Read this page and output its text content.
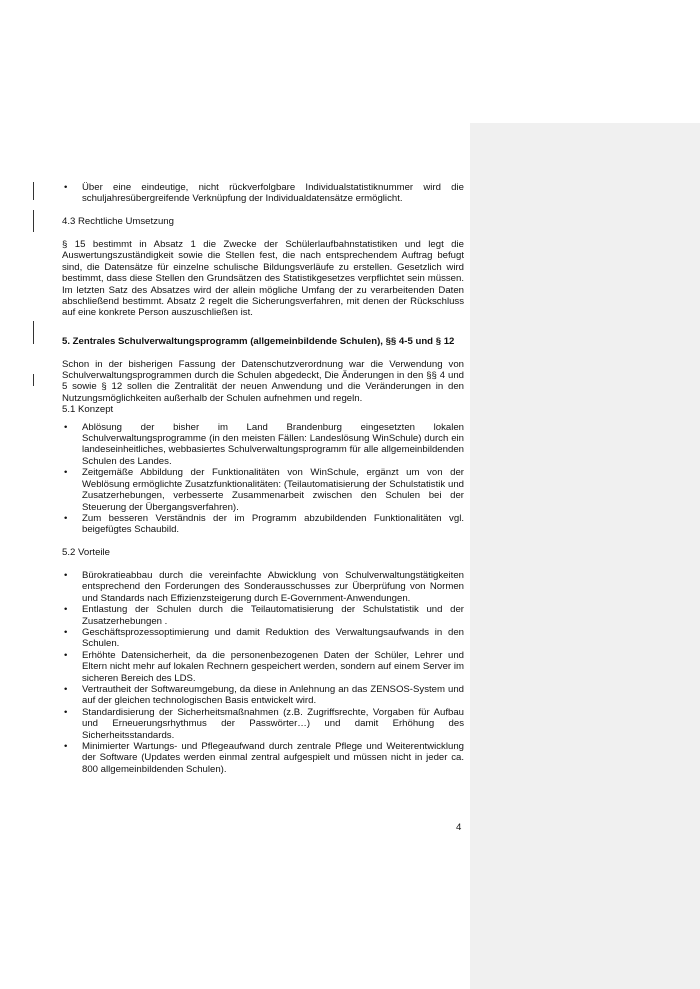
• Über eine eindeutige, nicht rückverfolgbare Individualstatistiknummer wird die schuljahresübergreifende Verknüpfung der Individualdatensätze ermöglicht.

4.3 Rechtliche Umsetzung

§ 15 bestimmt in Absatz 1 die Zwecke der Schülerlaufbahnstatistiken und legt die Auswertungszuständigkeit sowie die Stellen fest, die nach entsprechendem Auftrag befugt sind, die Datensätze für einzelne schulische Bildungsverläufe zu erstellen. Gesetzlich wird bestimmt, dass diese Stellen den Grundsätzen des Statistikgesetzes verpflichtet sein müssen. Im letzten Satz des Absatzes wird der allein mögliche Umfang der zu verarbeitenden Daten abschließend bestimmt. Absatz 2 regelt die Sicherungsverfahren, mit denen der Rückschluss auf eine konkrete Person auszuschließen ist.

5. Zentrales Schulverwaltungsprogramm (allgemeinbildende Schulen), §§ 4-5 und § 12

Schon in der bisherigen Fassung der Datenschutzverordnung war die Verwendung von Schulverwaltungsprogrammen durch die Schulen abgedeckt, Die Änderungen in den §§ 4 und 5 sowie § 12 sollen die Zentralität der neuen Anwendung und die Veränderungen in den Nutzungsmöglichkeiten außerhalb der Schulen aufnehmen und regeln.

5.1 Konzept

• Ablösung der bisher im Land Brandenburg eingesetzten lokalen Schulverwaltungsprogramme (in den meisten Fällen: Landeslösung WinSchule) durch ein landeseinheitliches, webbasiertes Schulverwaltungsprogramm für alle allgemeinbildenden Schulen des Landes.
• Zeitgemäße Abbildung der Funktionalitäten von WinSchule, ergänzt um von der Weblösung ermöglichte Zusatzfunktionalitäten: (Teilautomatisierung der Schulstatistik und Zusatzerhebungen, verbesserte Zusammenarbeit zwischen den Schulen bei der Steuerung der Übergangsverfahren).
• Zum besseren Verständnis der im Programm abzubildenden Funktionalitäten vgl. beigefügtes Schaubild.

5.2 Vorteile

• Bürokratieabbau durch die vereinfachte Abwicklung von Schulverwaltungstätigkeiten entsprechend den Forderungen des Sonderausschusses zur Überprüfung von Normen und Standards nach Effizienzsteigerung durch E-Government-Anwendungen.
• Entlastung der Schulen durch die Teilautomatisierung der Schulstatistik und der Zusatzerhebungen .
• Geschäftsprozessoptimierung und damit Reduktion des Verwaltungsaufwands in den Schulen.
• Erhöhte Datensicherheit, da die personenbezogenen Daten der Schüler, Lehrer und Eltern nicht mehr auf lokalen Rechnern gespeichert werden, sondern auf einem Server im sicheren Bereich des LDS.
• Vertrautheit der Softwareumgebung, da diese in Anlehnung an das ZENSOS-System und auf der gleichen technologischen Basis entwickelt wird.
• Standardisierung der Sicherheitsmaßnahmen (z.B. Zugriffsrechte, Vorgaben für Aufbau und Erneuerungsrhythmus der Passwörter…) und damit Erhöhung des Sicherheitsstandards.
• Minimierter Wartungs- und Pflegeaufwand durch zentrale Pflege und Weiterentwicklung der Software (Updates werden einmal zentral aufgespielt und müssen nicht in jeder ca. 800 allgemeinbildenden Schulen).
4
